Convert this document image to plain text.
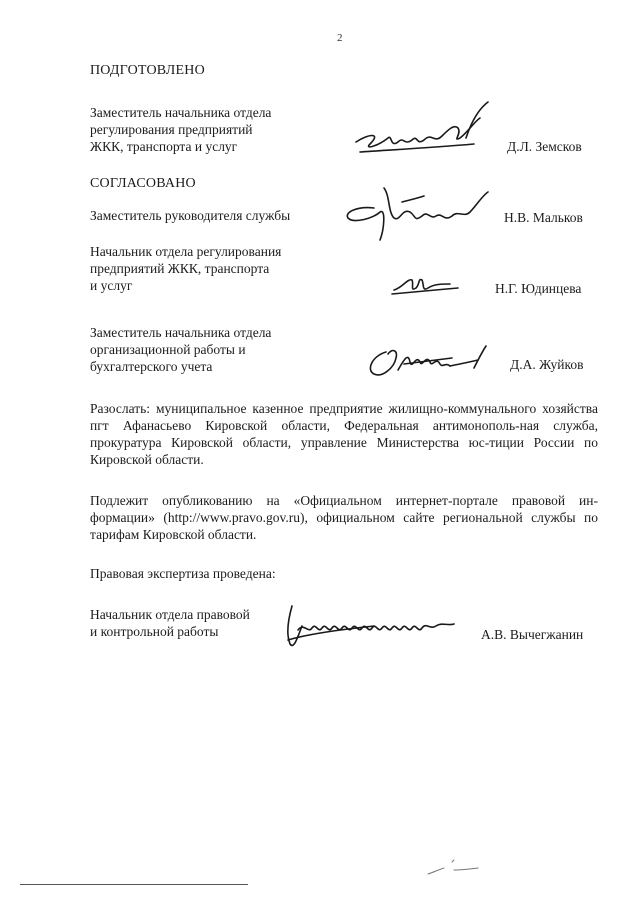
2
ПОДГОТОВЛЕНО
Заместитель начальника отдела
регулирования предприятий
ЖКК, транспорта и услуг	Д.Л. Земсков
СОГЛАСОВАНО
Заместитель руководителя службы	Н.В. Мальков
Начальник отдела регулирования
предприятий ЖКК, транспорта
и услуг	Н.Г. Юдинцева
Заместитель начальника отдела
организационной работы и
бухгалтерского учета	Д.А. Жуйков
Разослать: муниципальное казенное предприятие жилищно-коммунального хозяйства пгт Афанасьево Кировской области, Федеральная антимонополь-ная служба, прокуратура Кировской области, управление Министерства юс-тиции России по Кировской области.
Подлежит опубликованию на «Официальном интернет-портале правовой ин-формации» (http://www.pravo.gov.ru), официальном сайте региональной службы по тарифам Кировской области.
Правовая экспертиза проведена:
Начальник отдела правовой
и контрольной работы	А.В. Вычегжанин
